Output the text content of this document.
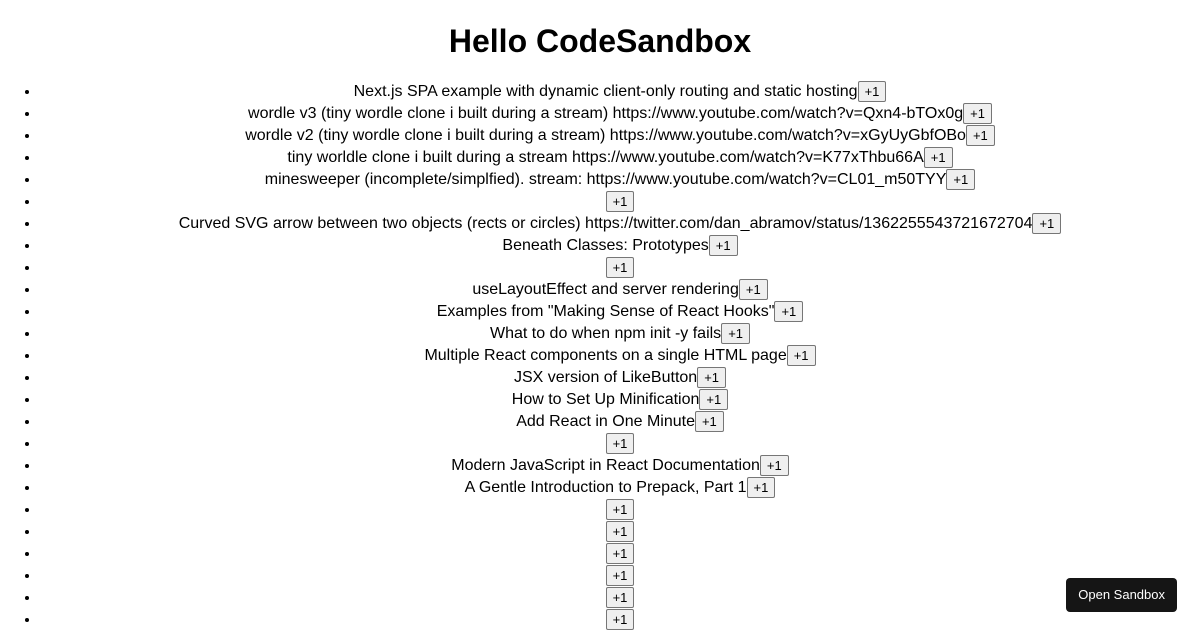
Hello CodeSandbox
• Next.js SPA example with dynamic client-only routing and static hosting +1
• wordle v3 (tiny wordle clone i built during a stream) https://www.youtube.com/watch?v=Qxn4-bTOx0g +1
• wordle v2 (tiny wordle clone i built during a stream) https://www.youtube.com/watch?v=xGyUyGbfOBo +1
• tiny worldle clone i built during a stream https://www.youtube.com/watch?v=K77xThbu66A +1
• minesweeper (incomplete/simplfied). stream: https://www.youtube.com/watch?v=CL01_m50TYY +1
• +1
• Curved SVG arrow between two objects (rects or circles) https://twitter.com/dan_abramov/status/1362255543721672704 +1
• Beneath Classes: Prototypes +1
• +1
• useLayoutEffect and server rendering +1
• Examples from "Making Sense of React Hooks" +1
• What to do when npm init -y fails +1
• Multiple React components on a single HTML page +1
• JSX version of LikeButton +1
• How to Set Up Minification +1
• Add React in One Minute +1
• +1
• Modern JavaScript in React Documentation +1
• A Gentle Introduction to Prepack, Part 1 +1
• +1
• +1
• +1
• +1
• +1
• +1
Open Sandbox
